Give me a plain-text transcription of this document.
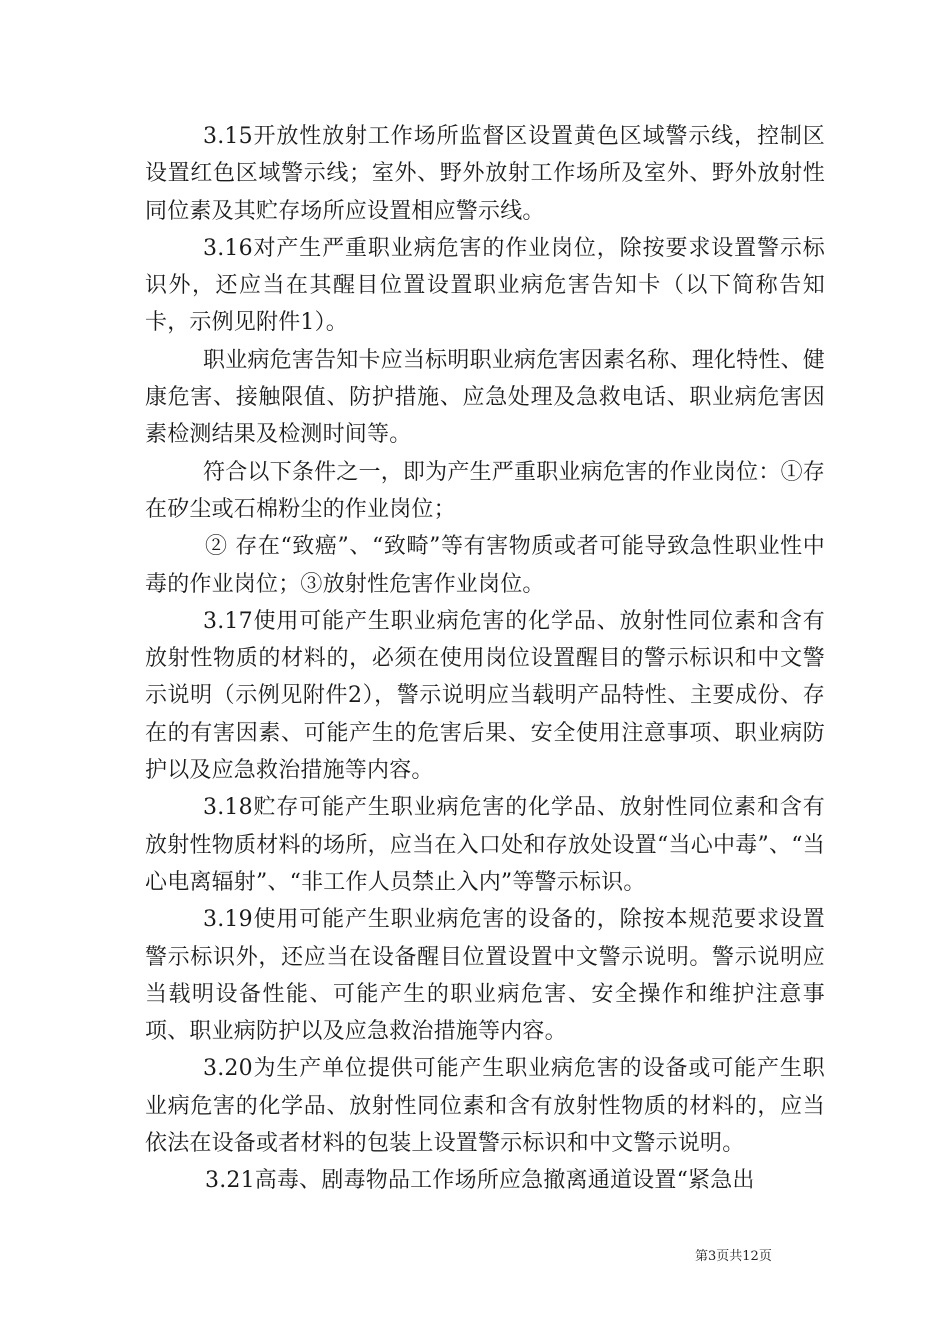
3.15开放性放射工作场所监督区设置黄色区域警示线，控制区设置红色区域警示线；室外、野外放射工作场所及室外、野外放射性同位素及其贮存场所应设置相应警示线。

3.16对产生严重职业病危害的作业岗位，除按要求设置警示标识外，还应当在其醒目位置设置职业病危害告知卡（以下简称告知卡，示例见附件1）。

职业病危害告知卡应当标明职业病危害因素名称、理化特性、健康危害、接触限值、防护措施、应急处理及急救电话、职业病危害因素检测结果及检测时间等。

符合以下条件之一，即为产生严重职业病危害的作业岗位：①存在矽尘或石棉粉尘的作业岗位；

② 存在“致癌”、“致畸”等有害物质或者可能导致急性职业性中毒的作业岗位；③放射性危害作业岗位。

3.17使用可能产生职业病危害的化学品、放射性同位素和含有放射性物质的材料的，必须在使用岗位设置醒目的警示标识和中文警示说明（示例见附件2），警示说明应当载明产品特性、主要成份、存在的有害因素、可能产生的危害后果、安全使用注意事项、职业病防护以及应急救治措施等内容。

3.18贮存可能产生职业病危害的化学品、放射性同位素和含有放射性物质材料的场所，应当在入口处和存放处设置“当心中毒”、“当心电离辐射”、“非工作人员禁止入内”等警示标识。

3.19使用可能产生职业病危害的设备的，除按本规范要求设置警示标识外，还应当在设备醒目位置设置中文警示说明。警示说明应当载明设备性能、可能产生的职业病危害、安全操作和维护注意事项、职业病防护以及应急救治措施等内容。

3.20为生产单位提供可能产生职业病危害的设备或可能产生职业病危害的化学品、放射性同位素和含有放射性物质的材料的，应当依法在设备或者材料的包装上设置警示标识和中文警示说明。

3.21高毒、剧毒物品工作场所应急撤离通道设置“紧急出

第3页共12页
